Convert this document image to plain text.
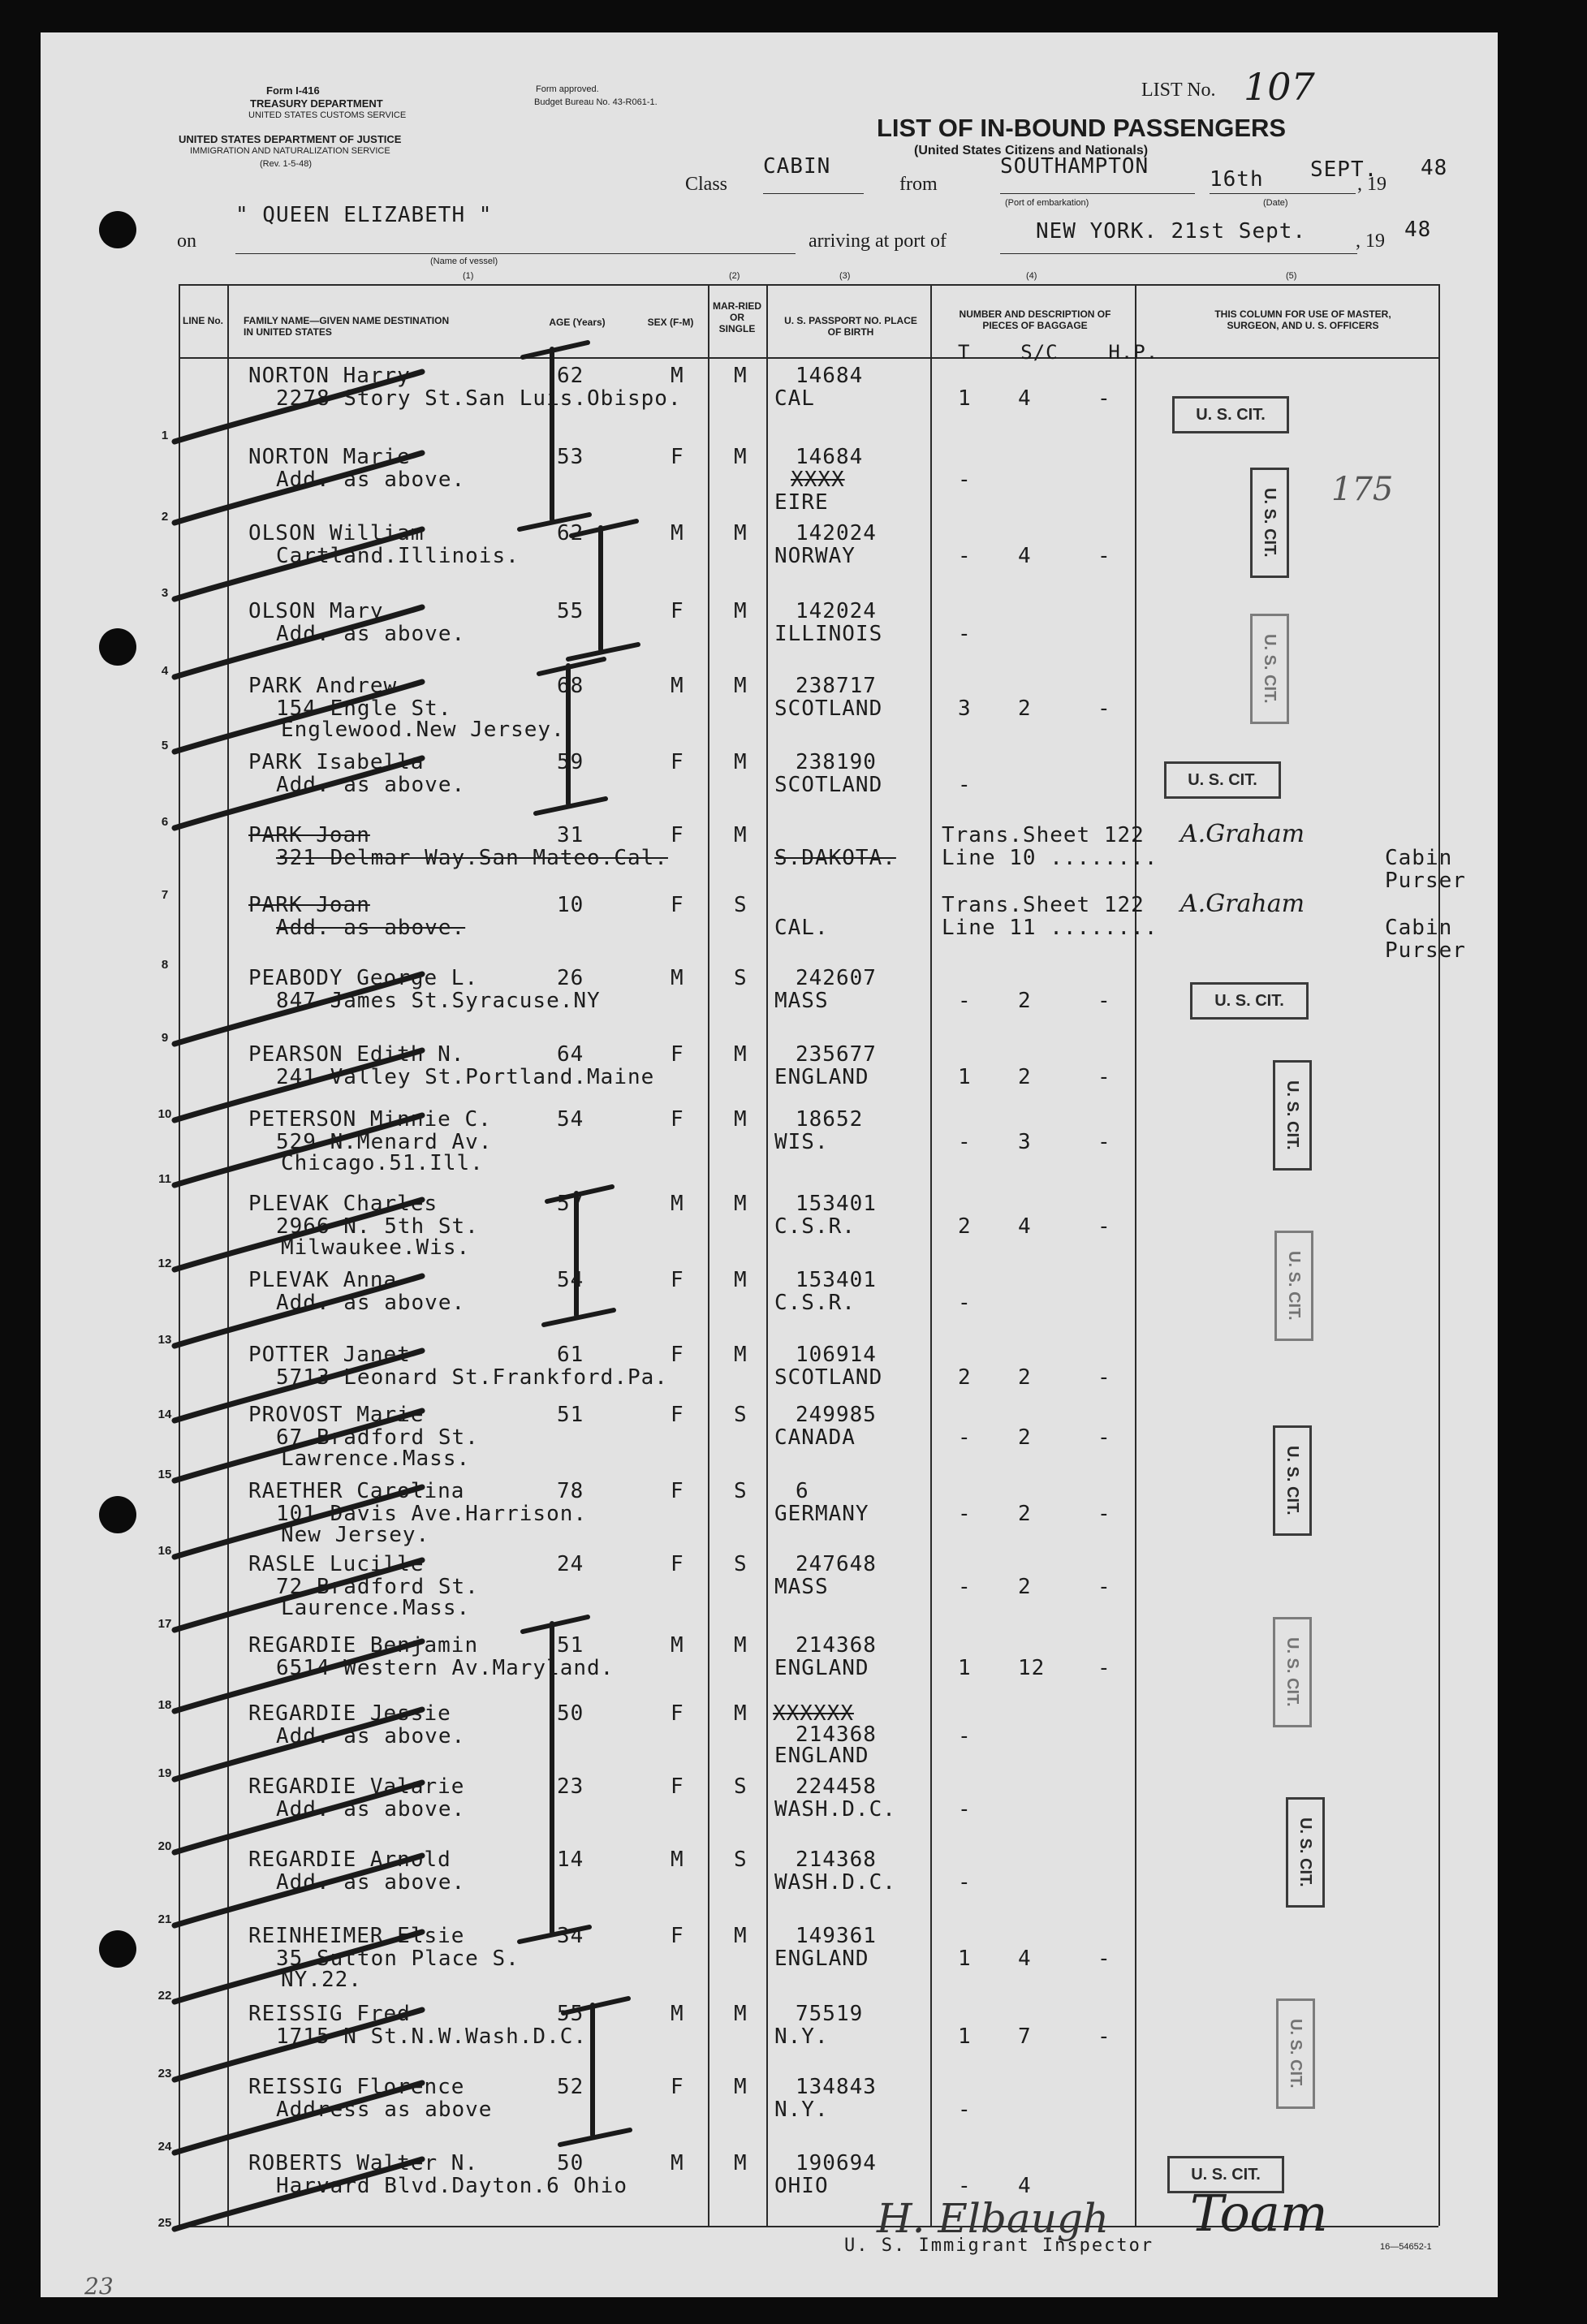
Form I-416
TREASURY DEPARTMENT
UNITED STATES CUSTOMS SERVICE
UNITED STATES DEPARTMENT OF JUSTICE
IMMIGRATION AND NATURALIZATION SERVICE
(Rev. 1-5-48)
Form approved.
Budget Bureau No. 43-R061-1.
LIST No. 107
LIST OF IN-BOUND PASSENGERS
(United States Citizens and Nationals)
Class
CABIN
from
SOUTHAMPTON
(Port of embarkation)
16th SEPT.
(Date)
, 19
48
on
" QUEEN ELIZABETH "
(Name of vessel)
arriving at port of	NEW YORK. 21st Sept.	, 19 48
(1)	(2)	(3)	(4)	(5)
LINE No. FAMILY NAME—GIVEN NAME DESTINATION IN UNITED STATES
AGE (Years)	SEX (F-M)
MAR-RIED OR SINGLE
U. S. PASSPORT NO. PLACE OF BIRTH
NUMBER AND DESCRIPTION OF PIECES OF BAGGAGE
T    S/C    H.P.
THIS COLUMN FOR USE OF MASTER, SURGEON, AND U. S. OFFICERS
1
NORTON Harry
2278 Story St.San Luis.Obispo.
62	M M 14684
CAL	1 4	-
2
NORTON Marie
Add. as above.
53	F M 14684
XXXX
EIRE
-
3
OLSON William
Cartland.Illinois.
62	M M 142024
NORWAY	- 4	-
4
OLSON Mary
Add. as above.
55	F M 142024
ILLINOIS	-
5
PARK Andrew
154 Engle St.
Englewood.New Jersey.
68	M M 238717
SCOTLAND	3 2	-
6
PARK Isabella
Add. as above.
59	F M 238190
SCOTLAND	-
7
PARK Joan
321 Delmar Way.San Mateo.Cal.
31	F M
S.DAKOTA.
Trans.Sheet 122
Line 10 ........	Cabin
Purser
A.Graham
8
PARK Joan
Add. as above.
10	F S
CAL.
Trans.Sheet 122
Line 11 ........	Cabin
Purser
A.Graham
9
PEABODY George L.
847 James St.Syracuse.NY
26	M S 242607
MASS	- 2	-
10
PEARSON Edith N.
241 Valley St.Portland.Maine
64	F M 235677
ENGLAND	1 2	-
11
PETERSON Minnie C.
529 N.Menard Av.
Chicago.51.Ill.
54	F M 18652
WIS.	- 3	-
12
PLEVAK Charles
2966 N. 5th St.
Milwaukee.Wis.
57	M M 153401
C.S.R.	2 4	-
13
PLEVAK Anna
Add. as above.
54	F M 153401
C.S.R.	-
14
POTTER Janet
5713 Leonard St.Frankford.Pa.
61	F M 106914
SCOTLAND	2 2	-
15
PROVOST Marie
67 Bradford St.
Lawrence.Mass.
51	F S 249985
CANADA	- 2	-
16
RAETHER Carolina
101 Davis Ave.Harrison.
New Jersey.
78	F S 6
GERMANY	- 2	-
17
RASLE Lucille
72 Bradford St.
Laurence.Mass.
24	F S 247648
MASS	- 2	-
18
REGARDIE Benjamin
6514 Western Av.Maryland.
51	M M 214368
ENGLAND	1 12 -
19
REGARDIE Jessie
Add. as above.
50	F M XXXXXX
214368
ENGLAND
-
20
REGARDIE Valarie
Add. as above.
23	F S 224458
WASH.D.C.	-
21
REGARDIE Arnold
Add. as above.
14	M S 214368
WASH.D.C.	-
22
REINHEIMER Elsie
35 Sutton Place S.
NY.22.
34	F M 149361
ENGLAND	1 4	-
23
REISSIG Fred
1715 N St.N.W.Wash.D.C.
55	M M 75519
N.Y.	1 7	-
24
REISSIG Florence
Address as above
52	F M 134843
N.Y.	-
25
ROBERTS Walter N.
Harvard Blvd.Dayton.6 Ohio
50	M M 190694
OHIO	- 4
U. S. CIT.
U. S. CIT.
U. S. CIT.
U. S. CIT.
U. S. CIT.
U. S. CIT.
U. S. CIT.
U. S. CIT.
U. S. CIT.
U. S. CIT.
U. S. CIT.
U. S. CIT.
175
U. S. Immigrant Inspector	16—54652-1
23
H. Elbaugh Toam
